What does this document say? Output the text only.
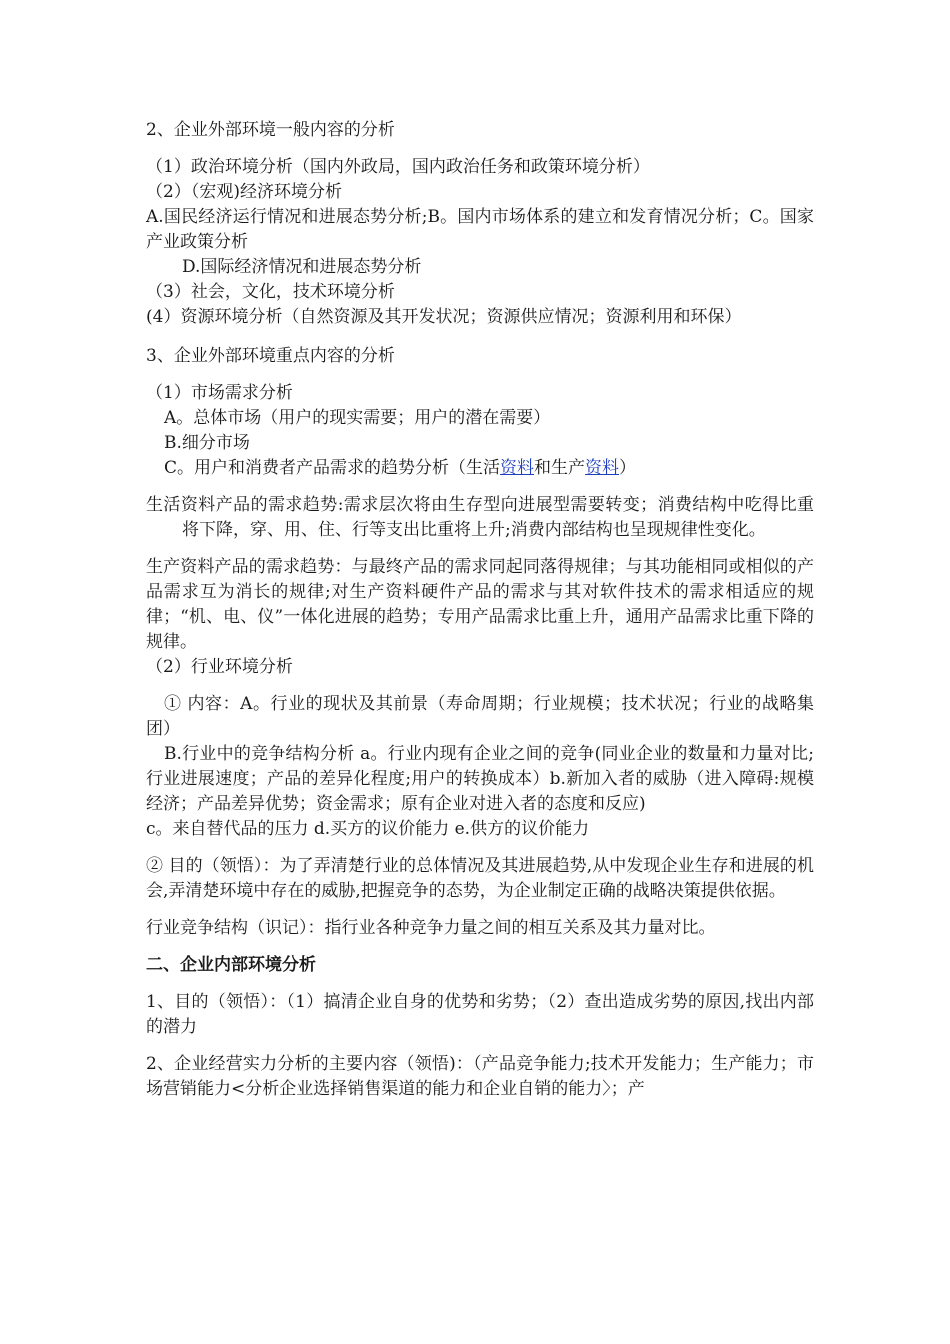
2、企业外部环境一般内容的分析

（1）政治环境分析（国内外政局，国内政治任务和政策环境分析）

（2）（宏观)经济环境分析

A.国民经济运行情况和进展态势分析;B。国内市场体系的建立和发育情况分析；C。国家产业政策分析

D.国际经济情况和进展态势分析

（3）社会，文化，技术环境分析

(4）资源环境分析（自然资源及其开发状况；资源供应情况；资源利用和环保）

3、企业外部环境重点内容的分析

（1）市场需求分析

A。总体市场（用户的现实需要；用户的潜在需要）

B.细分市场

C。用户和消费者产品需求的趋势分析（生活资料和生产资料）

生活资料产品的需求趋势:需求层次将由生存型向进展型需要转变；消费结构中吃得比重将下降，穿、用、住、行等支出比重将上升;消费内部结构也呈现规律性变化。

生产资料产品的需求趋势：与最终产品的需求同起同落得规律；与其功能相同或相似的产品需求互为消长的规律;对生产资料硬件产品的需求与其对软件技术的需求相适应的规律；“机、电、仪”一体化进展的趋势；专用产品需求比重上升，通用产品需求比重下降的规律。

（2）行业环境分析

① 内容：A。行业的现状及其前景（寿命周期；行业规模；技术状况；行业的战略集团）

B.行业中的竞争结构分析 a。行业内现有企业之间的竞争(同业企业的数量和力量对比;行业进展速度；产品的差异化程度;用户的转换成本）b.新加入者的威胁（进入障碍:规模经济；产品差异优势；资金需求；原有企业对进入者的态度和反应)

c。来自替代品的压力 d.买方的议价能力 e.供方的议价能力

② 目的（领悟）：为了弄清楚行业的总体情况及其进展趋势,从中发现企业生存和进展的机会,弄清楚环境中存在的威胁,把握竞争的态势，为企业制定正确的战略决策提供依据。

行业竞争结构（识记）：指行业各种竞争力量之间的相互关系及其力量对比。

二、企业内部环境分析

1、目的（领悟）：（1）搞清企业自身的优势和劣势；（2）查出造成劣势的原因,找出内部的潜力

2、企业经营实力分析的主要内容（领悟)：（产品竞争能力;技术开发能力；生产能力；市场营销能力<分析企业选择销售渠道的能力和企业自销的能力〉；产
